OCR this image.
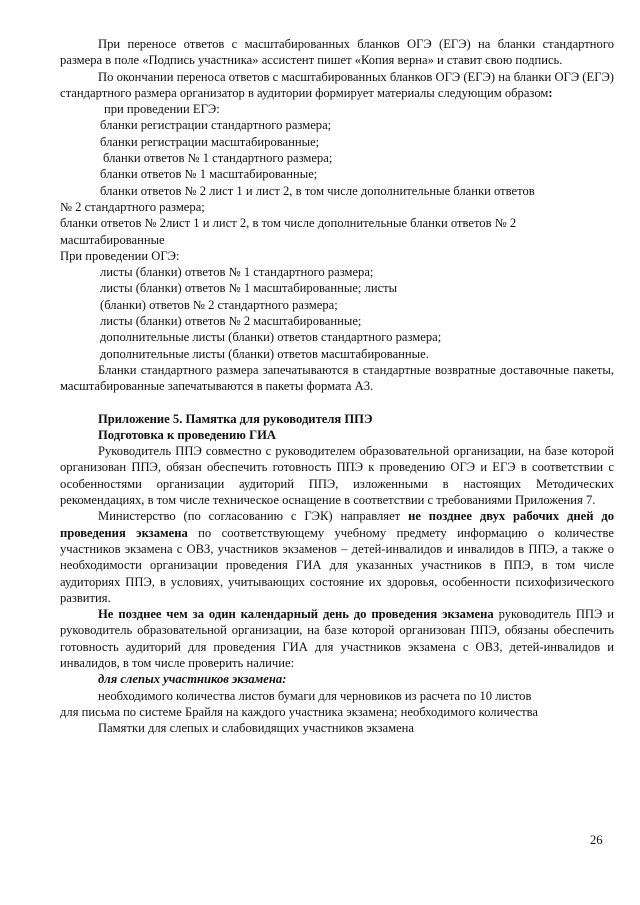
При переносе ответов с масштабированных бланков ОГЭ (ЕГЭ) на бланки стандартного размера в поле «Подпись участника» ассистент пишет «Копия верна» и ставит свою подпись.

По окончании переноса ответов с масштабированных бланков ОГЭ (ЕГЭ) на бланки ОГЭ (ЕГЭ) стандартного размера организатор в аудитории формирует материалы следующим образом:

при проведении ЕГЭ:

бланки регистрации стандартного размера;

бланки регистрации масштабированные;

бланки ответов № 1 стандартного размера;

бланки ответов № 1 масштабированные;

бланки ответов № 2 лист 1 и лист 2, в том числе дополнительные бланки ответов

№ 2 стандартного размера;

бланки ответов № 2лист 1 и лист 2, в том числе дополнительные бланки ответов № 2 масштабированные

При проведении ОГЭ:

листы (бланки) ответов № 1 стандартного размера;

листы (бланки) ответов № 1 масштабированные; листы

(бланки) ответов № 2 стандартного размера;

листы (бланки) ответов № 2 масштабированные;

дополнительные листы (бланки) ответов стандартного размера;

дополнительные листы (бланки) ответов масштабированные.

Бланки стандартного размера запечатываются в стандартные возвратные доставочные пакеты, масштабированные запечатываются в пакеты формата А3.

Приложение 5. Памятка для руководителя ППЭ

Подготовка к проведению ГИА

Руководитель ППЭ совместно с руководителем образовательной организации, на базе которой организован ППЭ, обязан обеспечить готовность ППЭ к проведению ОГЭ и ЕГЭ в соответствии с особенностями организации аудиторий ППЭ, изложенными в настоящих Методических рекомендациях, в том числе техническое оснащение в соответствии с требованиями Приложения 7.

Министерство (по согласованию с ГЭК) направляет не позднее двух рабочих дней до проведения экзамена по соответствующему учебному предмету информацию о количестве участников экзамена с ОВЗ, участников экзаменов – детей-инвалидов и инвалидов в ППЭ, а также о необходимости организации проведения ГИА для указанных участников в ППЭ, в том числе аудиториях ППЭ, в условиях, учитывающих состояние их здоровья, особенности психофизического развития.

Не позднее чем за один календарный день до проведения экзамена руководитель ППЭ и руководитель образовательной организации, на базе которой организован ППЭ, обязаны обеспечить готовность аудиторий для проведения ГИА для участников экзамена с ОВЗ, детей-инвалидов и инвалидов, в том числе проверить наличие:

для слепых участников экзамена:

необходимого количества листов бумаги для черновиков из расчета по 10 листов

для письма по системе Брайля на каждого участника экзамена; необходимого количества

Памятки для слепых и слабовидящих участников экзамена

26
